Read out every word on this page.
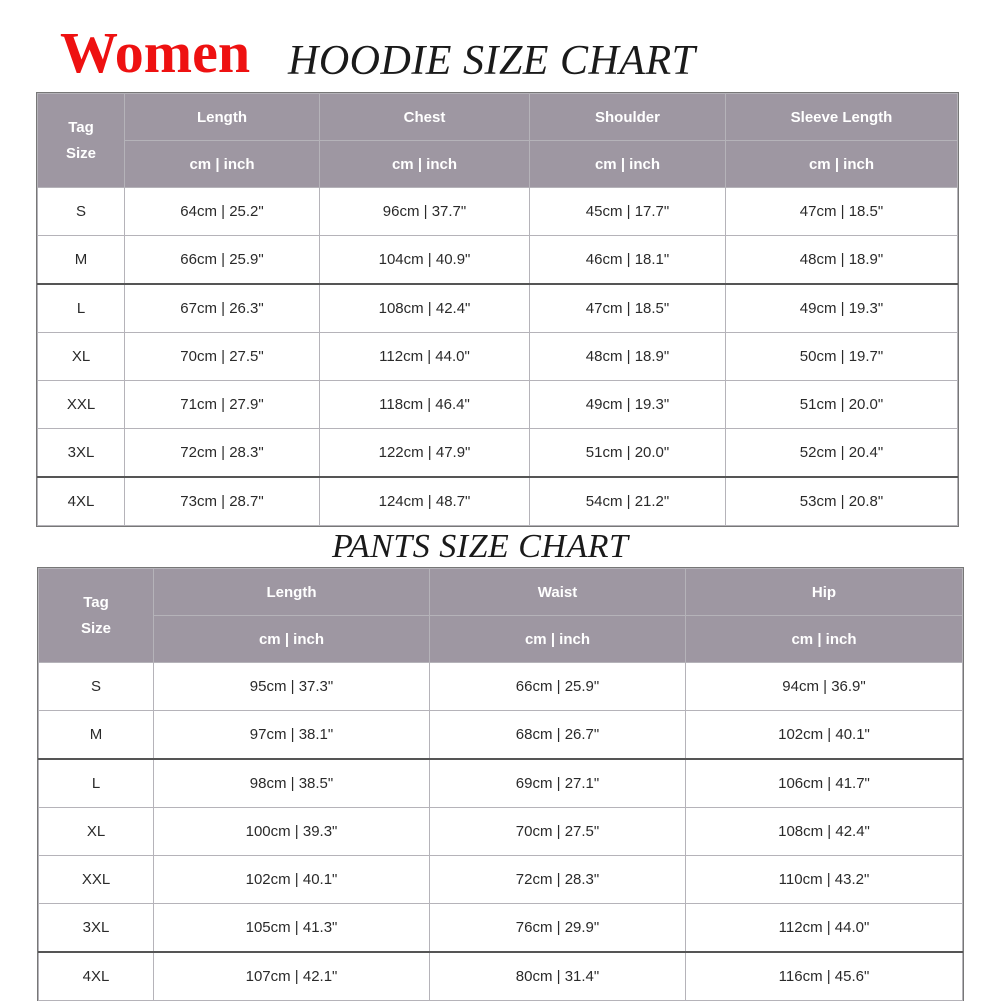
Women HOODIE SIZE CHART
Tag
Size	Length	Chest	Shoulder	Sleeve Length
	cm | inch	cm | inch	cm | inch	cm | inch
S	64cm | 25.2"	96cm | 37.7"	45cm | 17.7"	47cm | 18.5"
M	66cm | 25.9"	104cm | 40.9"	46cm | 18.1"	48cm | 18.9"
L	67cm | 26.3"	108cm | 42.4"	47cm | 18.5"	49cm | 19.3"
XL	70cm | 27.5"	112cm | 44.0"	48cm | 18.9"	50cm | 19.7"
XXL	71cm | 27.9"	118cm | 46.4"	49cm | 19.3"	51cm | 20.0"
3XL	72cm | 28.3"	122cm | 47.9"	51cm | 20.0"	52cm | 20.4"
4XL	73cm | 28.7"	124cm | 48.7"	54cm | 21.2"	53cm | 20.8"
PANTS SIZE CHART
Tag
Size	Length	Waist	Hip
	cm | inch	cm | inch	cm | inch
S	95cm | 37.3"	66cm | 25.9"	94cm | 36.9"
M	97cm | 38.1"	68cm | 26.7"	102cm | 40.1"
L	98cm | 38.5"	69cm | 27.1"	106cm | 41.7"
XL	100cm | 39.3"	70cm | 27.5"	108cm | 42.4"
XXL	102cm | 40.1"	72cm | 28.3"	110cm | 43.2"
3XL	105cm | 41.3"	76cm | 29.9"	112cm | 44.0"
4XL	107cm | 42.1"	80cm | 31.4"	116cm | 45.6"
